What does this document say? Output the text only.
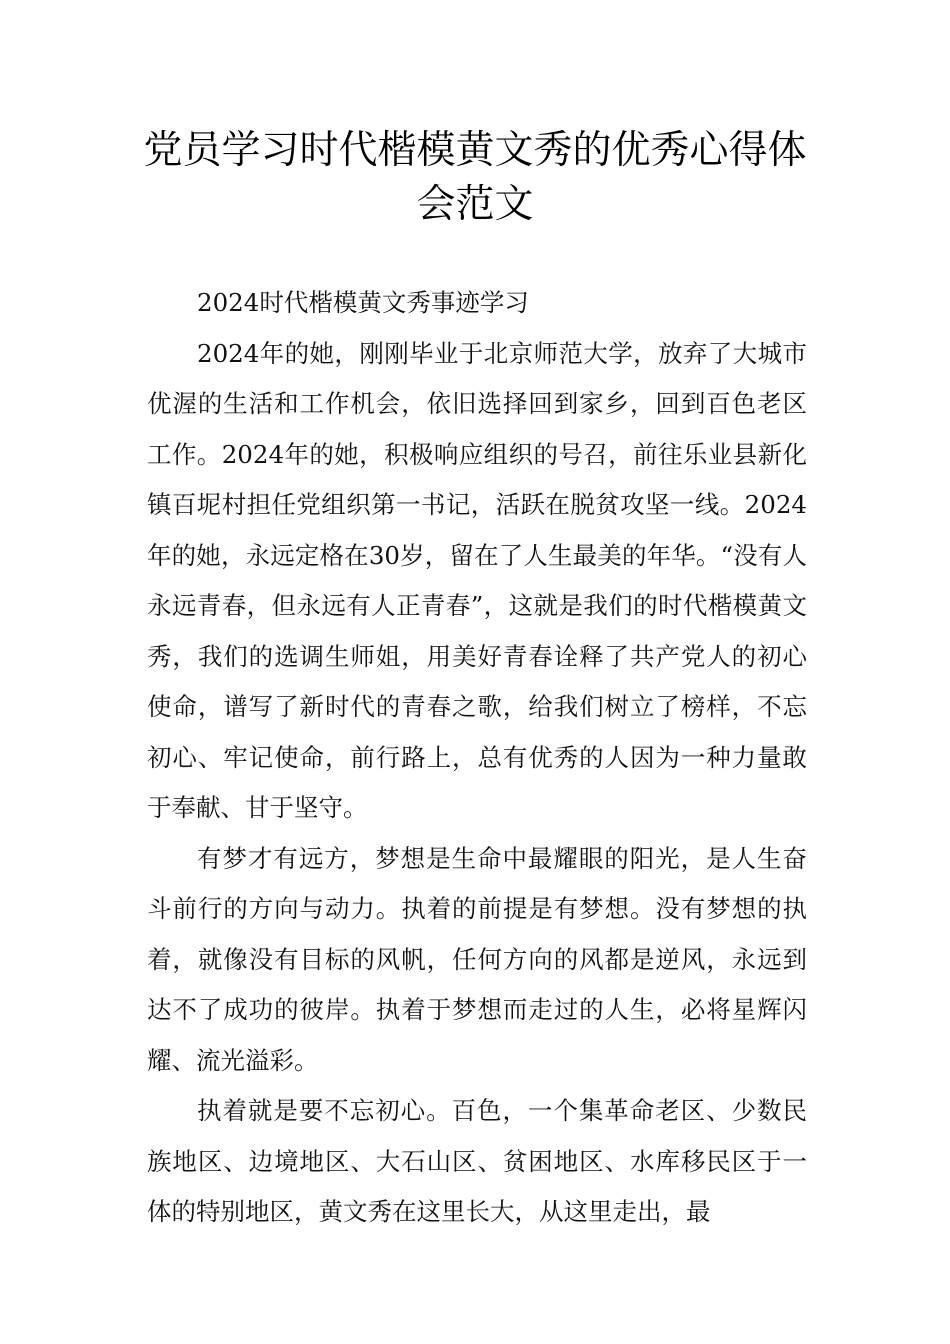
党员学习时代楷模黄文秀的优秀心得体
会范文

2024时代楷模黄文秀事迹学习

2024年的她，刚刚毕业于北京师范大学，放弃了大城市优渥的生活和工作机会，依旧选择回到家乡，回到百色老区工作。2024年的她，积极响应组织的号召，前往乐业县新化镇百坭村担任党组织第一书记，活跃在脱贫攻坚一线。2024年的她，永远定格在30岁，留在了人生最美的年华。“没有人永远青春，但永远有人正青春”，这就是我们的时代楷模黄文秀，我们的选调生师姐，用美好青春诠释了共产党人的初心使命，谱写了新时代的青春之歌，给我们树立了榜样，不忘初心、牢记使命，前行路上，总有优秀的人因为一种力量敢于奉献、甘于坚守。

有梦才有远方，梦想是生命中最耀眼的阳光，是人生奋斗前行的方向与动力。执着的前提是有梦想。没有梦想的执着，就像没有目标的风帆，任何方向的风都是逆风，永远到达不了成功的彼岸。执着于梦想而走过的人生，必将星辉闪耀、流光溢彩。

执着就是要不忘初心。百色，一个集革命老区、少数民族地区、边境地区、大石山区、贫困地区、水库移民区于一体的特别地区，黄文秀在这里长大，从这里走出，最
